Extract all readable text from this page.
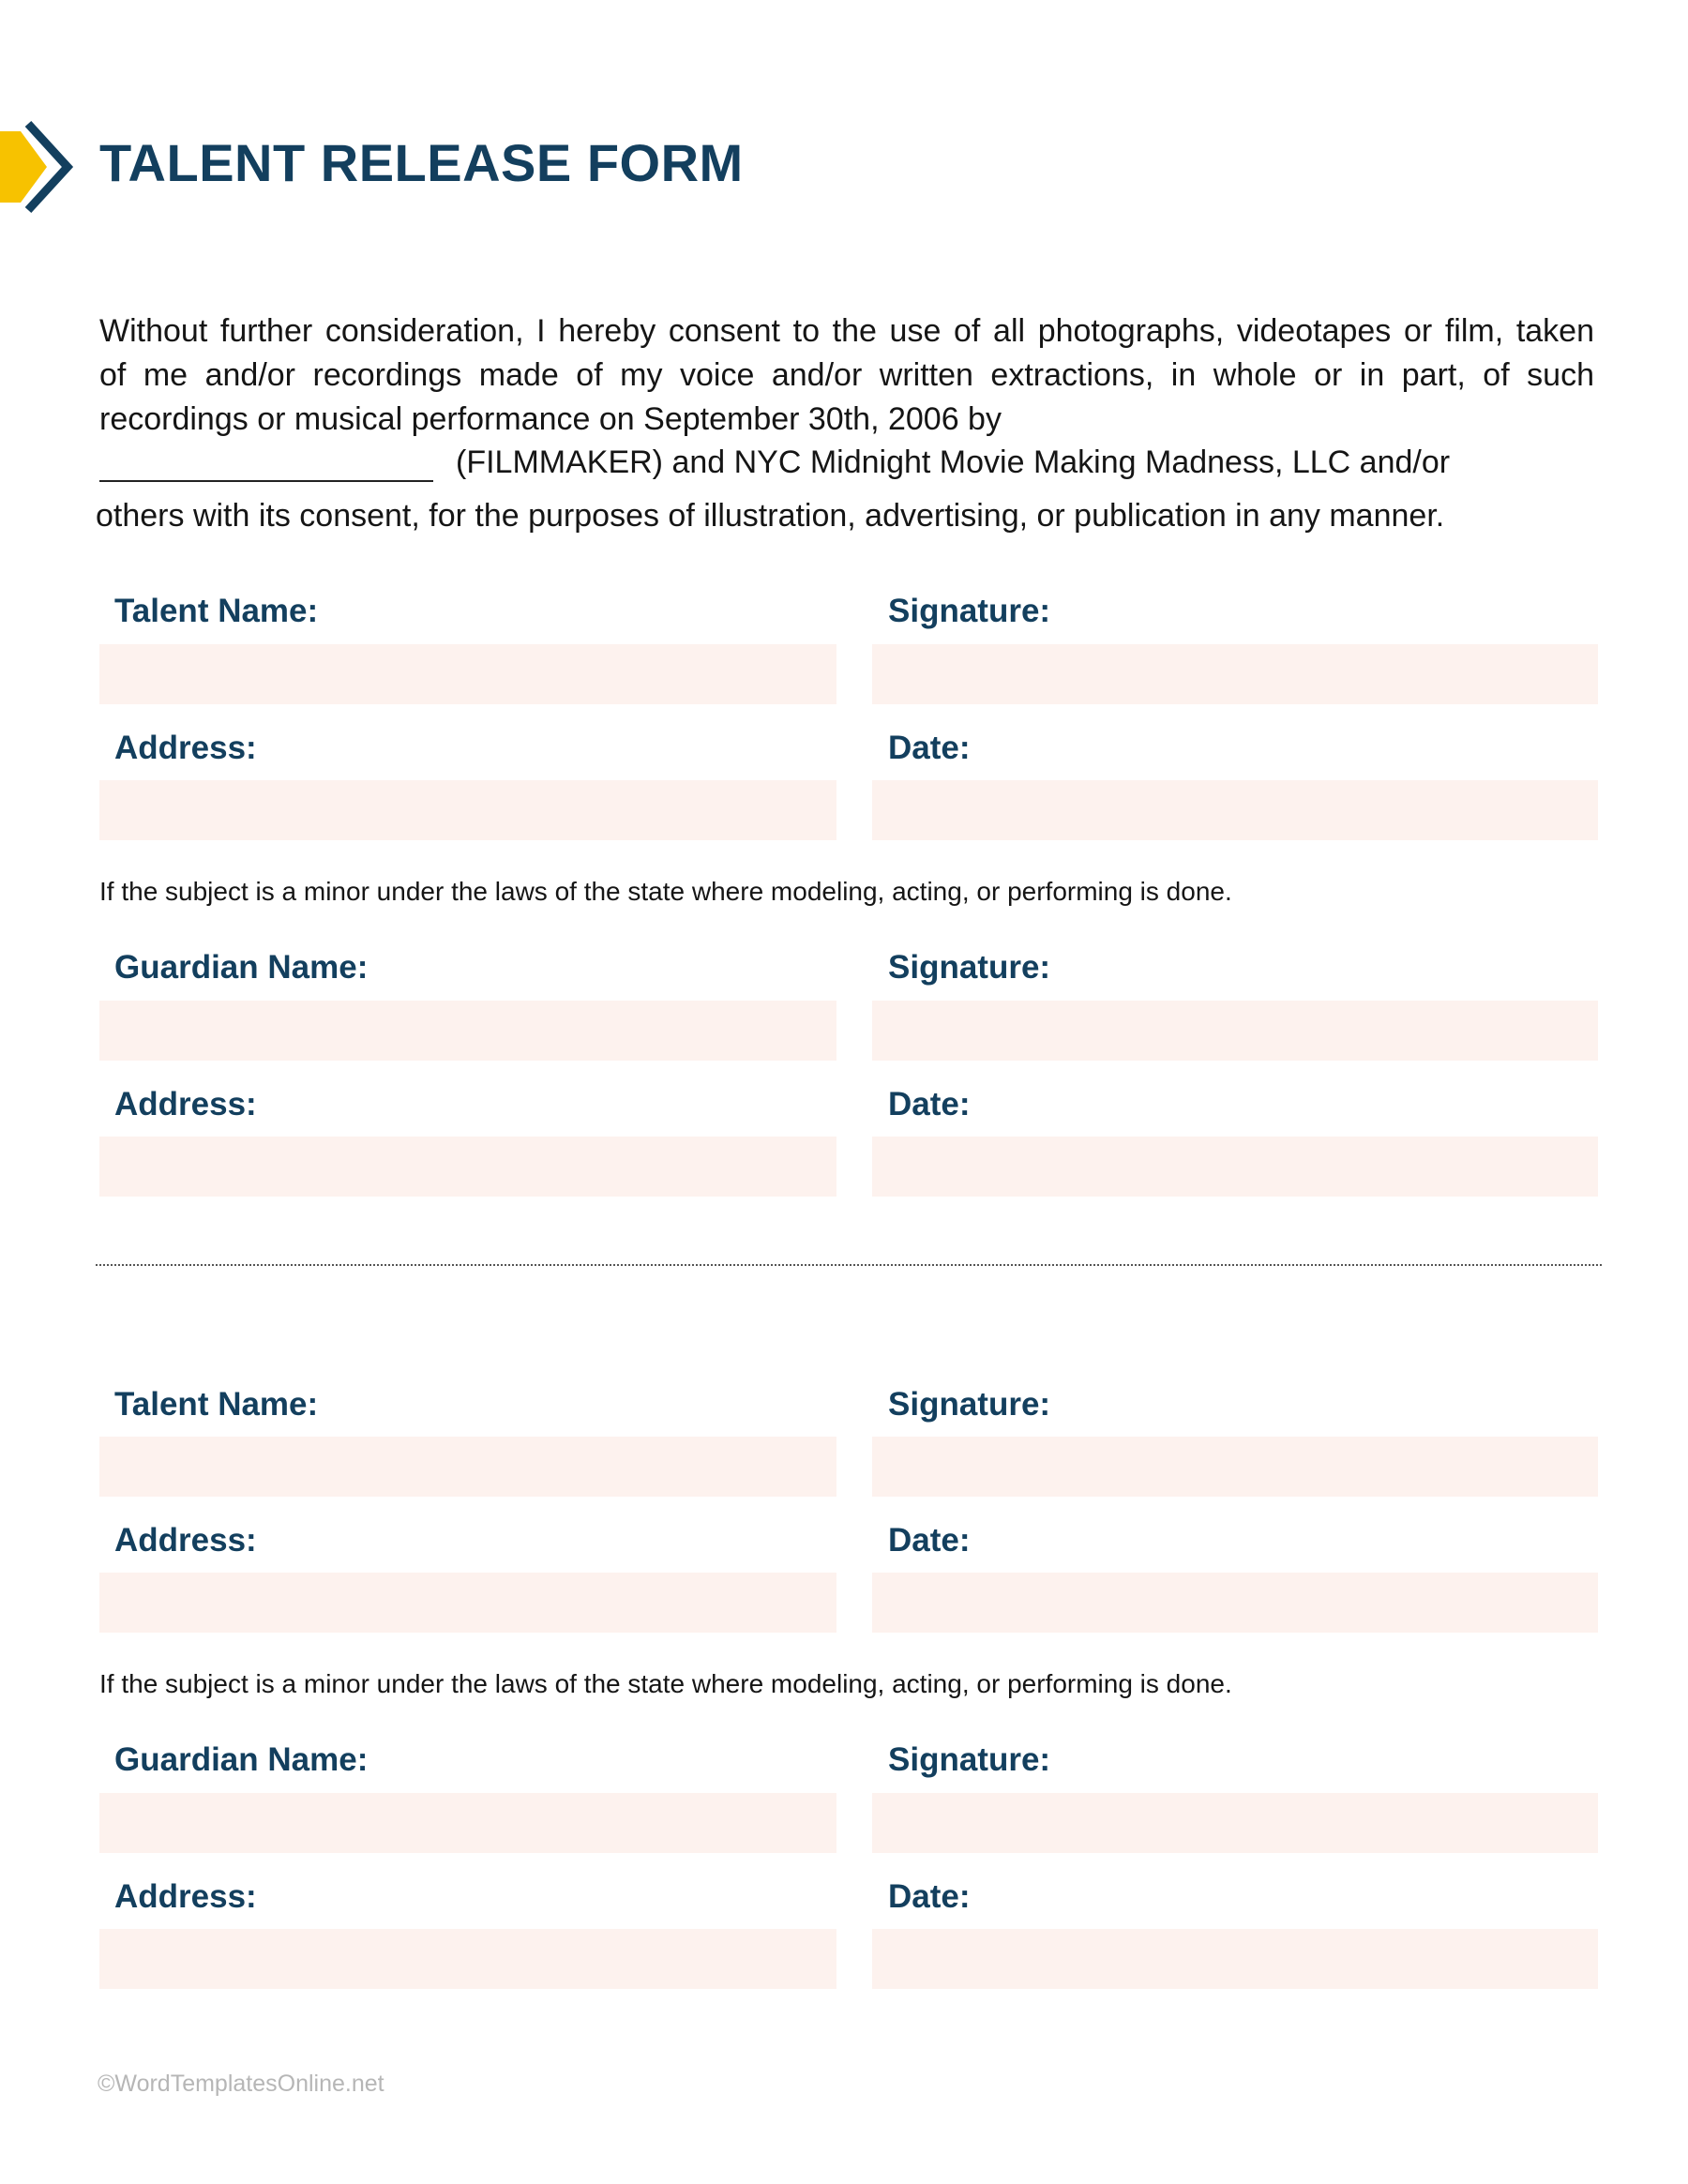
TALENT RELEASE FORM
Without further consideration, I hereby consent to the use of all photographs, videotapes or film, taken
of me and/or recordings made of my voice and/or written extractions, in whole or in part, of such
recordings or musical performance on September 30th, 2006 by
(FILMMAKER) and NYC Midnight Movie Making Madness, LLC and/or
others with its consent, for the purposes of illustration, advertising, or publication in any manner.
Talent Name:	Signature:
Address:	Date:
If the subject is a minor under the laws of the state where modeling, acting, or performing is done.
Guardian Name:	Signature:
Address:	Date:
Talent Name:	Signature:
Address:	Date:
If the subject is a minor under the laws of the state where modeling, acting, or performing is done.
Guardian Name:	Signature:
Address:	Date:
©WordTemplatesOnline.net
